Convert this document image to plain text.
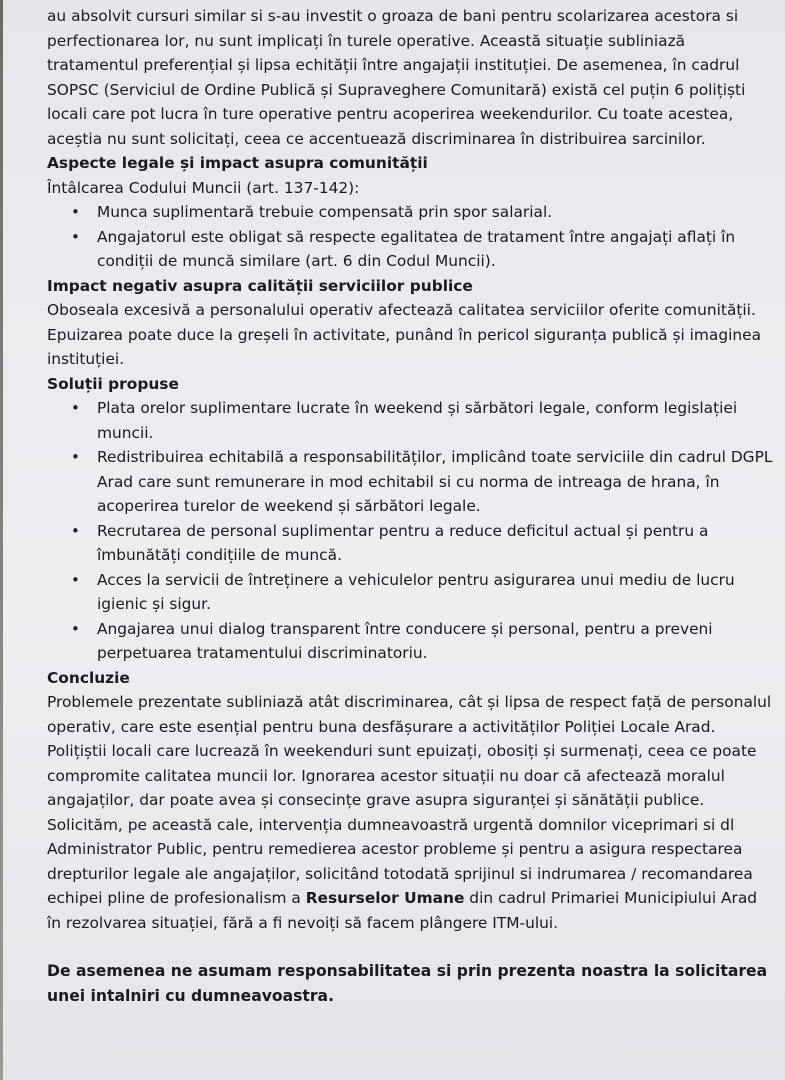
au absolvit cursuri similar si s-au investit o groaza de bani pentru scolarizarea acestora si perfectionarea lor, nu sunt implicați în turele operative. Această situație subliniază tratamentul preferențial și lipsa echității între angajații instituției. De asemenea, în cadrul SOPSC (Serviciul de Ordine Publică și Supraveghere Comunitară) există cel puțin 6 polițiști locali care pot lucra în ture operative pentru acoperirea weekendurilor. Cu toate acestea, aceștia nu sunt solicitați, ceea ce accentuează discriminarea în distribuirea sarcinilor.

Aspecte legale și impact asupra comunității

Întâlcarea Codului Muncii (art. 137-142):

• Munca suplimentară trebuie compensată prin spor salarial.
• Angajatorul este obligat să respecte egalitatea de tratament între angajați aflați în condiții de muncă similare (art. 6 din Codul Muncii).

Impact negativ asupra calității serviciilor publice

Oboseala excesivă a personalului operativ afectează calitatea serviciilor oferite comunității. Epuizarea poate duce la greșeli în activitate, punând în pericol siguranța publică și imaginea instituției.

Soluții propuse

• Plata orelor suplimentare lucrate în weekend și sărbători legale, conform legislației muncii.
• Redistribuirea echitabilă a responsabilităților, implicând toate serviciile din cadrul DGPL Arad care sunt remunerare in mod echitabil si cu norma de intreaga de hrana, în acoperirea turelor de weekend și sărbători legale.
• Recrutarea de personal suplimentar pentru a reduce deficitul actual și pentru a îmbunătăți condițiile de muncă.
• Acces la servicii de întreținere a vehiculelor pentru asigurarea unui mediu de lucru igienic și sigur.
• Angajarea unui dialog transparent între conducere și personal, pentru a preveni perpetuarea tratamentului discriminatoriu.

Concluzie

Problemele prezentate subliniază atât discriminarea, cât și lipsa de respect față de personalul operativ, care este esențial pentru buna desfășurare a activităților Poliției Locale Arad. Polițiștii locali care lucrează în weekenduri sunt epuizați, obosiți și surmenați, ceea ce poate compromite calitatea muncii lor. Ignorarea acestor situații nu doar că afectează moralul angajaților, dar poate avea și consecințe grave asupra siguranței și sănătății publice.

Solicităm, pe această cale, intervenția dumneavoastră urgentă domnilor viceprimari si dl Administrator Public, pentru remedierea acestor probleme și pentru a asigura respectarea drepturilor legale ale angajaților, solicitând totodată sprijinul si indrumarea / recomandarea echipei pline de profesionalism a Resurselor Umane din cadrul Primariei Municipiului Arad în rezolvarea situației, fără a fi nevoiți să facem plângere ITM-ului.

De asemenea ne asumam responsabilitatea si prin prezenta noastra la solicitarea unei intalniri cu dumneavoastra.
